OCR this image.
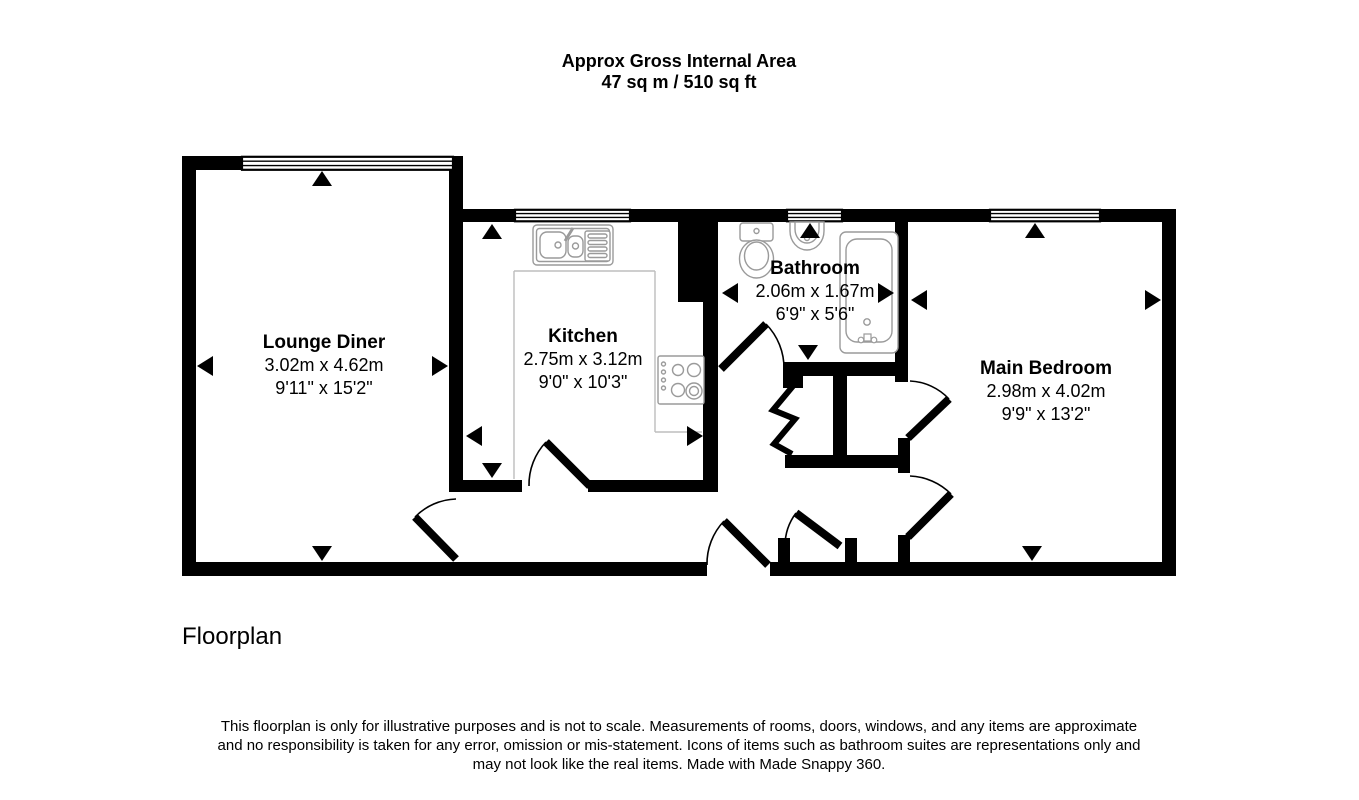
Approx Gross Internal Area
47 sq m / 510 sq ft
Lounge Diner
3.02m x 4.62m
9'11" x 15'2"
Kitchen
2.75m x 3.12m
9'0" x 10'3"
Bathroom
2.06m x 1.67m
6'9" x 5'6"
Main Bedroom
2.98m x 4.02m
9'9" x 13'2"
Floorplan
This floorplan is only for illustrative purposes and is not to scale. Measurements of rooms, doors, windows, and any items are approximate
and no responsibility is taken for any error, omission or mis-statement. Icons of items such as bathroom suites are representations only and
may not look like the real items. Made with Made Snappy 360.
